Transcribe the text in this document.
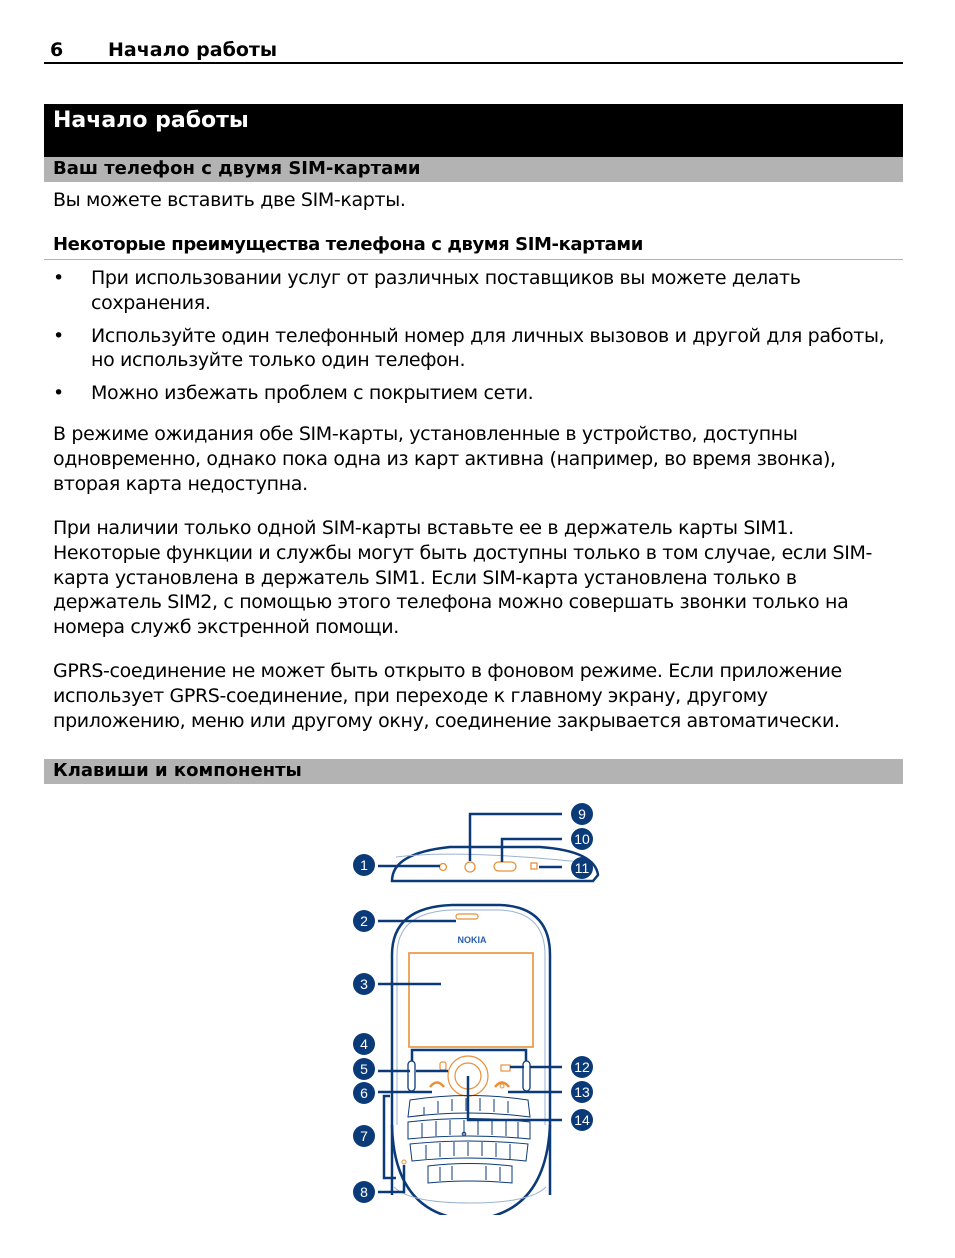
6 Начало работы
Начало работы
Ваш телефон с двумя SIM-картами

Вы можете вставить две SIM-карты.

Некоторые преимущества телефона с двумя SIM-картами
• При использовании услуг от различных поставщиков вы можете делать сохранения.
• Используйте один телефонный номер для личных вызовов и другой для работы, но используйте только один телефон.
• Можно избежать проблем с покрытием сети.

В режиме ожидания обе SIM-карты, установленные в устройство, доступны одновременно, однако пока одна из карт активна (например, во время звонка), вторая карта недоступна.

При наличии только одной SIM-карты вставьте ее в держатель карты SIM1. Некоторые функции и службы могут быть доступны только в том случае, если SIM-карта установлена в держатель SIM1. Если SIM-карта установлена только в держатель SIM2, с помощью этого телефона можно совершать звонки только на номера служб экстренной помощи.

GPRS-соединение не может быть открыто в фоновом режиме. Если приложение использует GPRS-соединение, при переходе к главному экрану, другому приложению, меню или другому окну, соединение закрывается автоматически.

Клавиши и компоненты
NOKIA
1
2
3
4
5
6
7
8
9
10
11
12
13
14
